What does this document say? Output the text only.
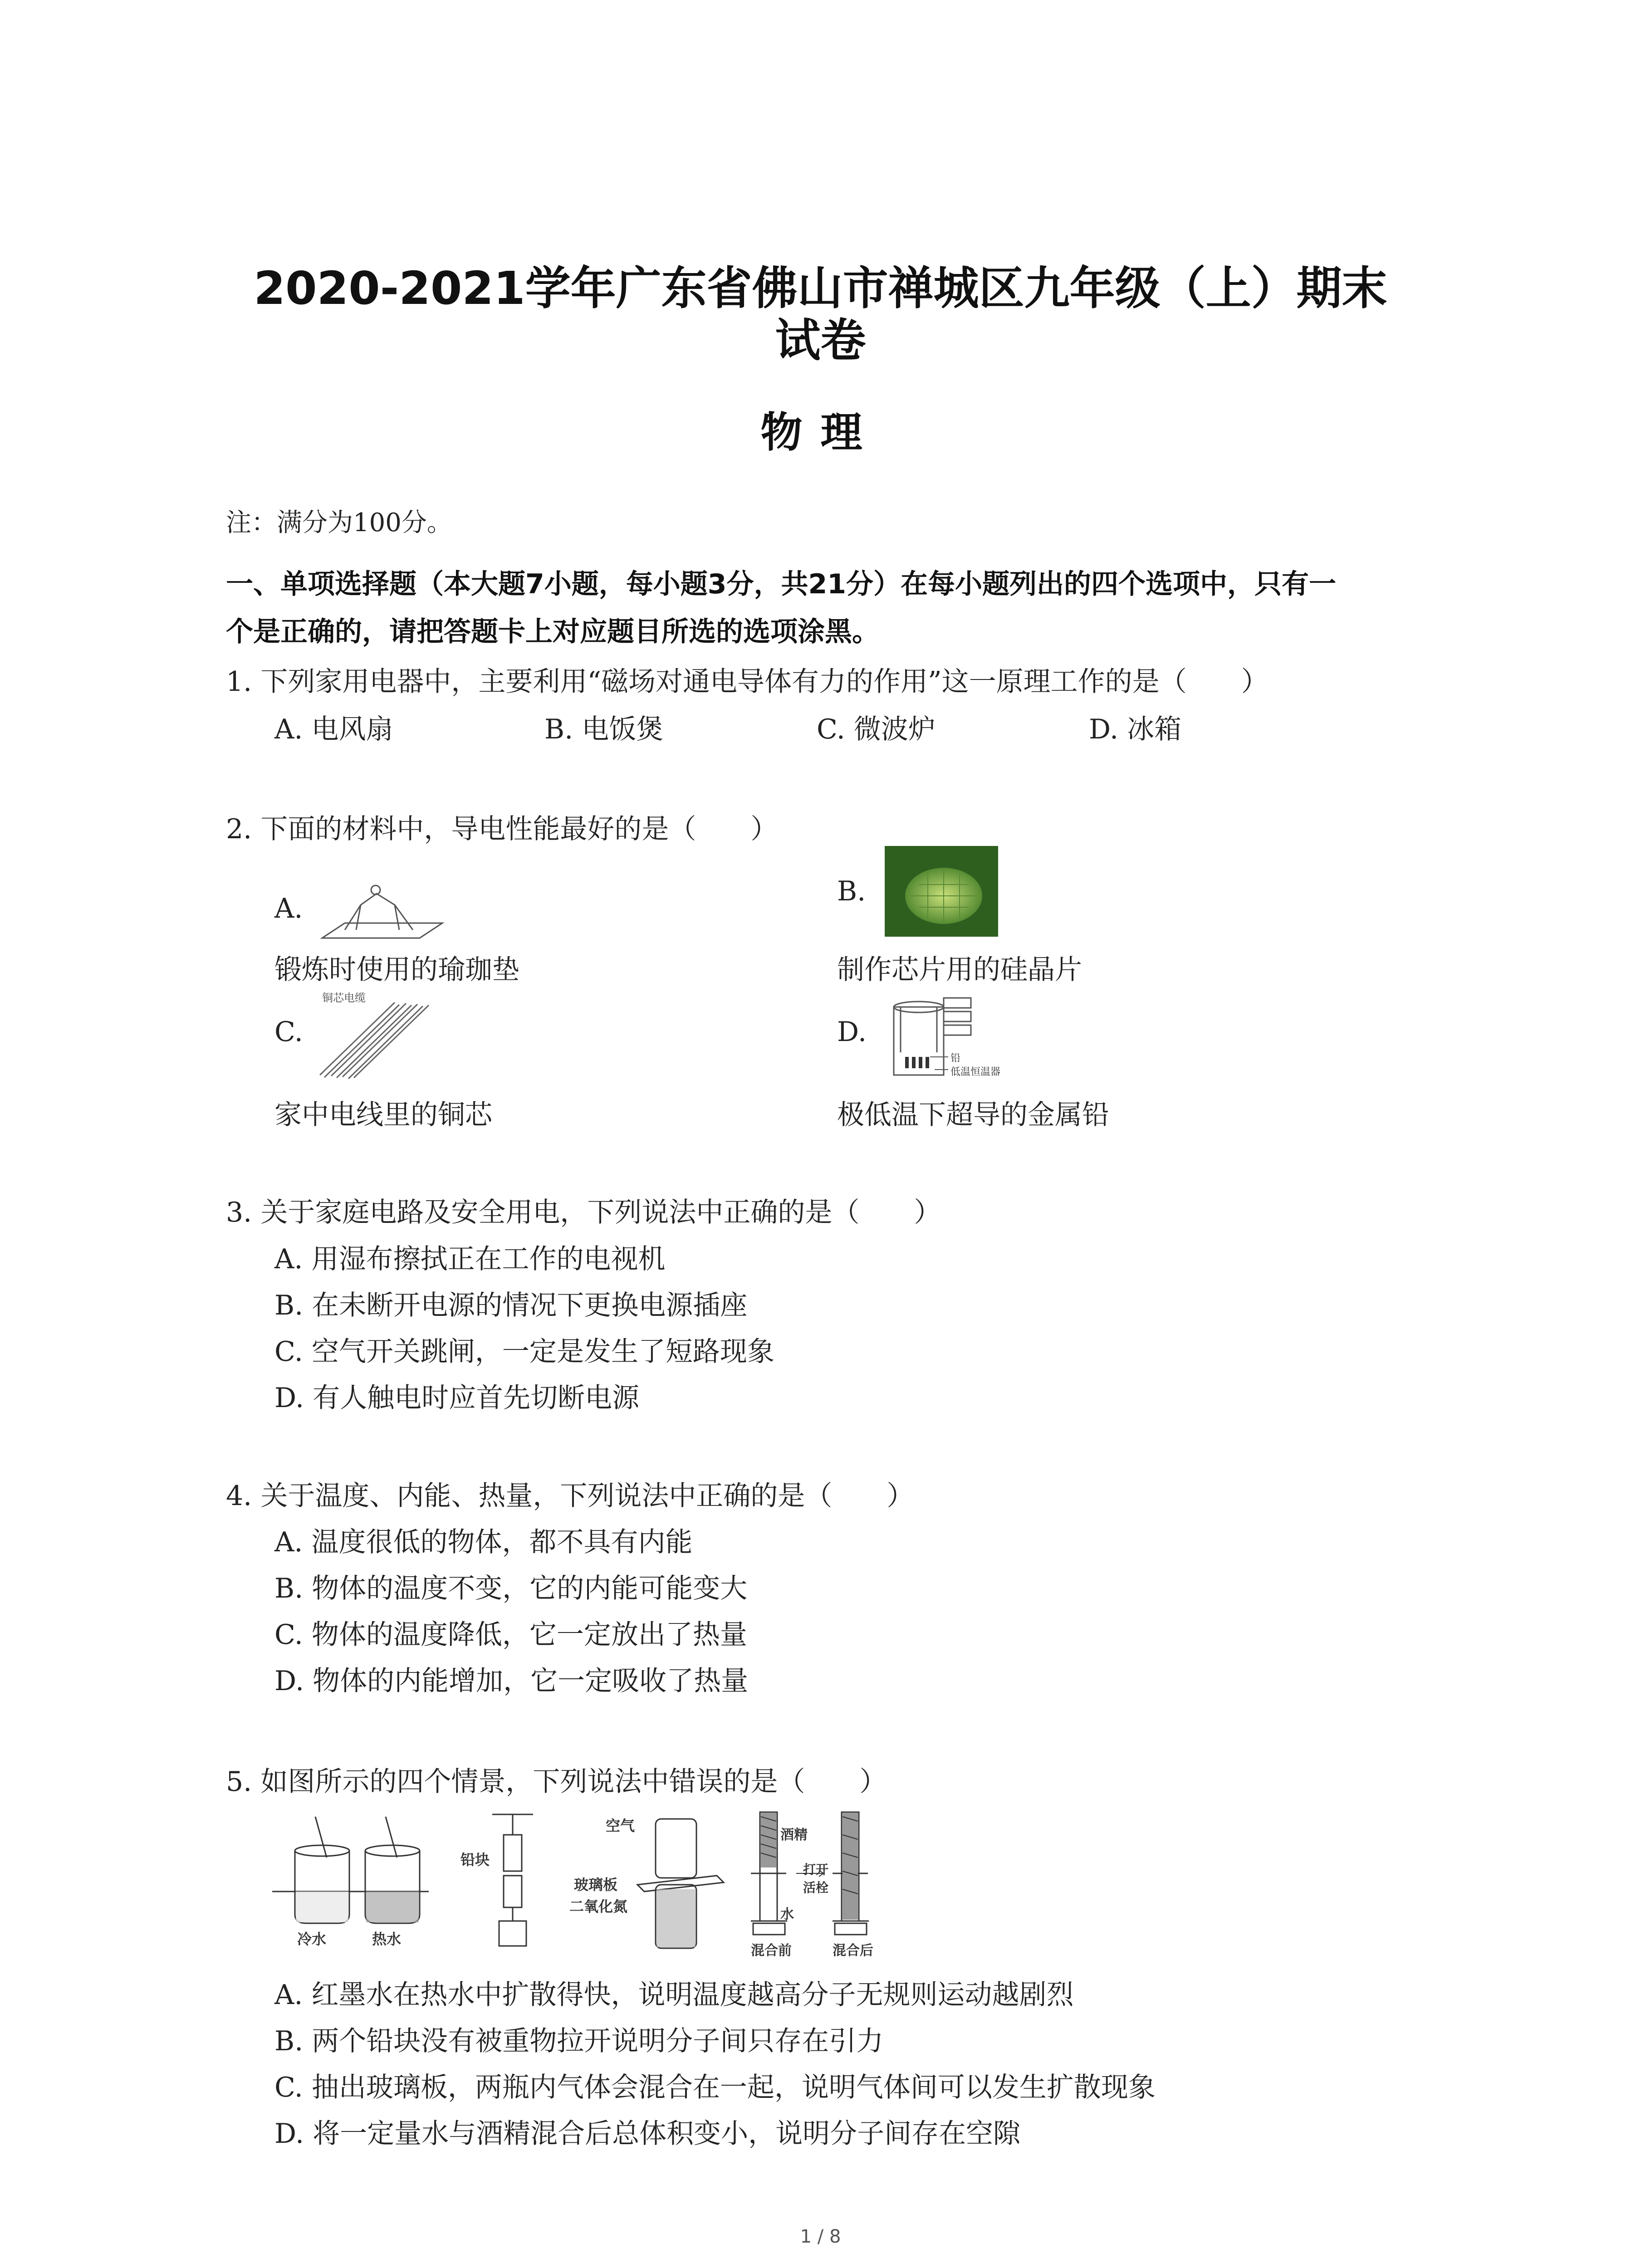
2020-2021学年广东省佛山市禅城区九年级（上）期末
试卷
物理
注：满分为100分。
一、单项选择题（本大题7小题，每小题3分，共21分）在每小题列出的四个选项中，只有一
个是正确的，请把答题卡上对应题目所选的选项涂黑。
1. 下列家用电器中，主要利用“磁场对通电导体有力的作用”这一原理工作的是（　　）
A. 电风扇	B. 电饭煲	C. 微波炉	D. 冰箱
2. 下面的材料中，导电性能最好的是（　　）
A.
锻炼时使用的瑜珈垫
B.
制作芯片用的硅晶片
C.
铜芯电缆
家中电线里的铜芯
D.
铅
低温恒温器
极低温下超导的金属铅
3. 关于家庭电路及安全用电，下列说法中正确的是（　　）
A. 用湿布擦拭正在工作的电视机
B. 在未断开电源的情况下更换电源插座
C. 空气开关跳闸，一定是发生了短路现象
D. 有人触电时应首先切断电源
4. 关于温度、内能、热量，下列说法中正确的是（　　）
A. 温度很低的物体，都不具有内能
B. 物体的温度不变，它的内能可能变大
C. 物体的温度降低，它一定放出了热量
D. 物体的内能增加，它一定吸收了热量
5. 如图所示的四个情景，下列说法中错误的是（　　）
冷水	热水
铅块
空气
玻璃板
二氧化氮
酒精
打开
活栓
水
混合前	混合后
A. 红墨水在热水中扩散得快，说明温度越高分子无规则运动越剧烈
B. 两个铅块没有被重物拉开说明分子间只存在引力
C. 抽出玻璃板，两瓶内气体会混合在一起，说明气体间可以发生扩散现象
D. 将一定量水与酒精混合后总体积变小，说明分子间存在空隙
1 / 8
